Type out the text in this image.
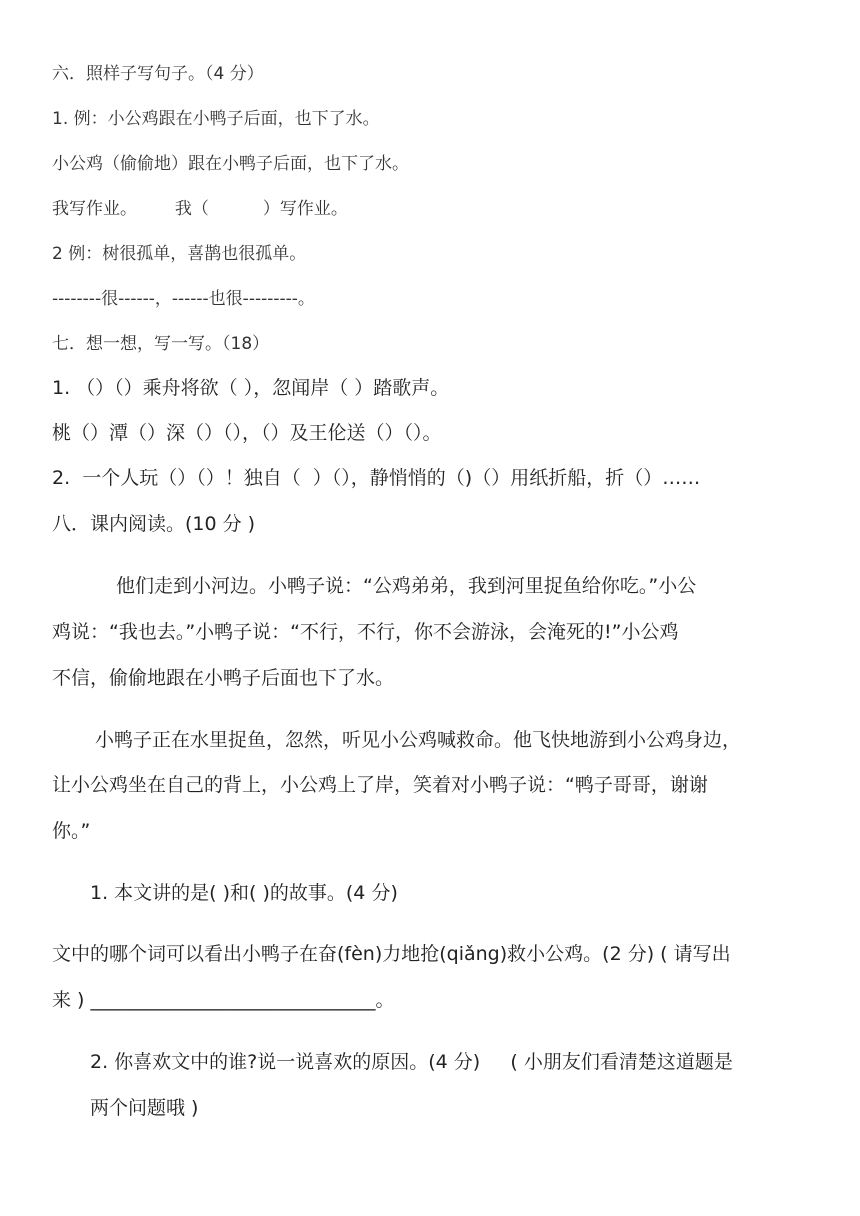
六．照样子写句子。（4 分）
1. 例：小公鸡跟在小鸭子后面，也下了水。
小公鸡（偷偷地）跟在小鸭子后面，也下了水。
我写作业。       我（          ）写作业。
2 例：树很孤单，喜鹊也很孤单。
--------很------，------也很---------。
七．想一想，写一写。（18）
1. （）（）乘舟将欲（ ），忽闻岸（ ）踏歌声。
桃（）潭（）深（）（），（）及王伦送（）（）。
2.  一个人玩（）（）！独自（  ）（），静悄悄的（)（）用纸折船，折（）……
八．课内阅读。(10 分 )
他们走到小河边。小鸭子说：“公鸡弟弟，我到河里捉鱼给你吃。”小公
鸡说：“我也去。”小鸭子说：“不行，不行，你不会游泳，会淹死的!”小公鸡
不信，偷偷地跟在小鸭子后面也下了水。
小鸭子正在水里捉鱼，忽然，听见小公鸡喊救命。他飞快地游到小公鸡身边，
让小公鸡坐在自己的背上，小公鸡上了岸，笑着对小鸭子说：“鸭子哥哥，谢谢
你。”
1. 本文讲的是( )和( )的故事。(4 分)
文中的哪个词可以看出小鸭子在奋(fèn)力地抢(qiǎng)救小公鸡。(2 分) ( 请写出
来 ) ______________________________。
2. 你喜欢文中的谁?说一说喜欢的原因。(4 分)     ( 小朋友们看清楚这道题是
两个问题哦 )
